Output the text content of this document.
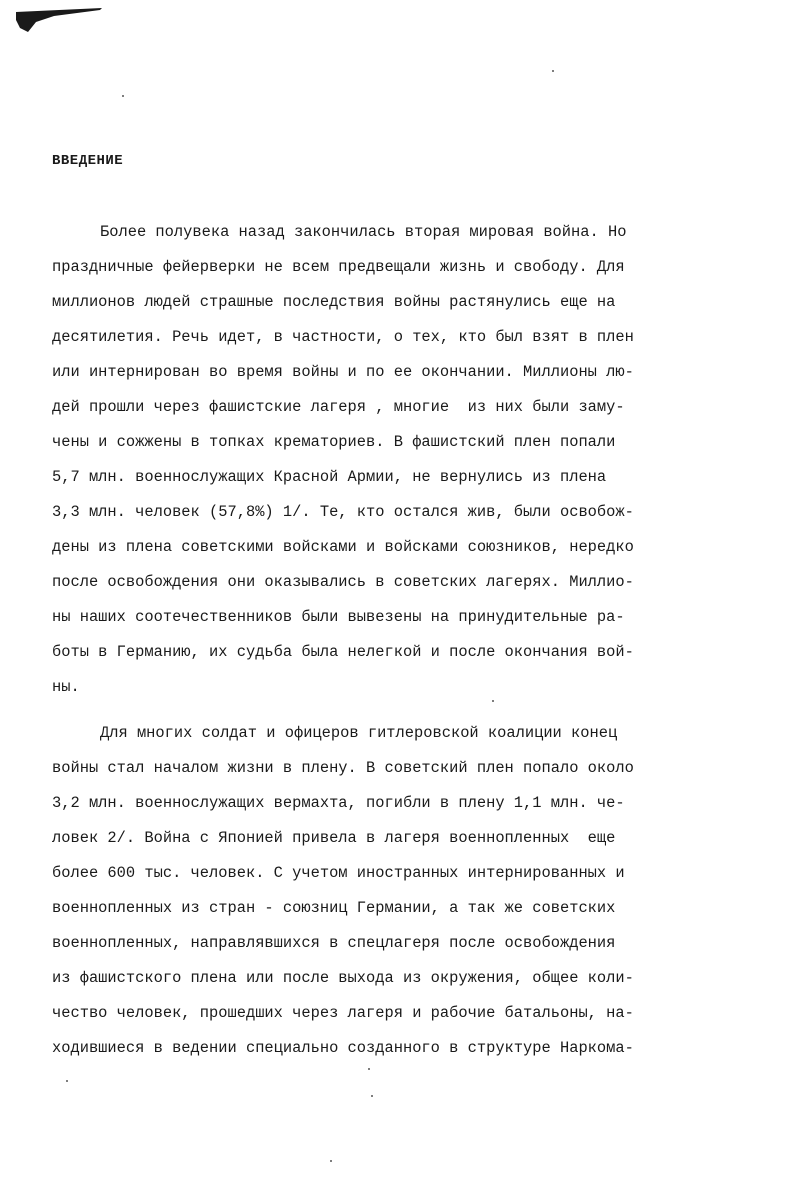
ВВЕДЕНИЕ
Более полувека назад закончилась вторая мировая война. Но
праздничные фейерверки не всем предвещали жизнь и свободу. Для
миллионов людей страшные последствия войны растянулись еще на
десятилетия. Речь идет, в частности, о тех, кто был взят в плен
или интернирован во время войны и по ее окончании. Миллионы лю-
дей прошли через фашистские лагеря , многие  из них были заму-
чены и сожжены в топках крематориев. В фашистский плен попали
5,7 млн. военнослужащих Красной Армии, не вернулись из плена
3,3 млн. человек (57,8%) 1/. Те, кто остался жив, были освобож-
дены из плена советскими войсками и войсками союзников, нередко
после освобождения они оказывались в советских лагерях. Миллио-
ны наших соотечественников были вывезены на принудительные ра-
боты в Германию, их судьба была нелегкой и после окончания вой-
ны.
Для многих солдат и офицеров гитлеровской коалиции конец
войны стал началом жизни в плену. В советский плен попало около
3,2 млн. военнослужащих вермахта, погибли в плену 1,1 млн. че-
ловек 2/. Война с Японией привела в лагеря военнопленных  еще
более 600 тыс. человек. С учетом иностранных интернированных и
военнопленных из стран - союзниц Германии, а так же советских
военнопленных, направлявшихся в спецлагеря после освобождения
из фашистского плена или после выхода из окружения, общее коли-
чество человек, прошедших через лагеря и рабочие батальоны, на-
ходившиеся в ведении специально созданного в структуре Наркома-
